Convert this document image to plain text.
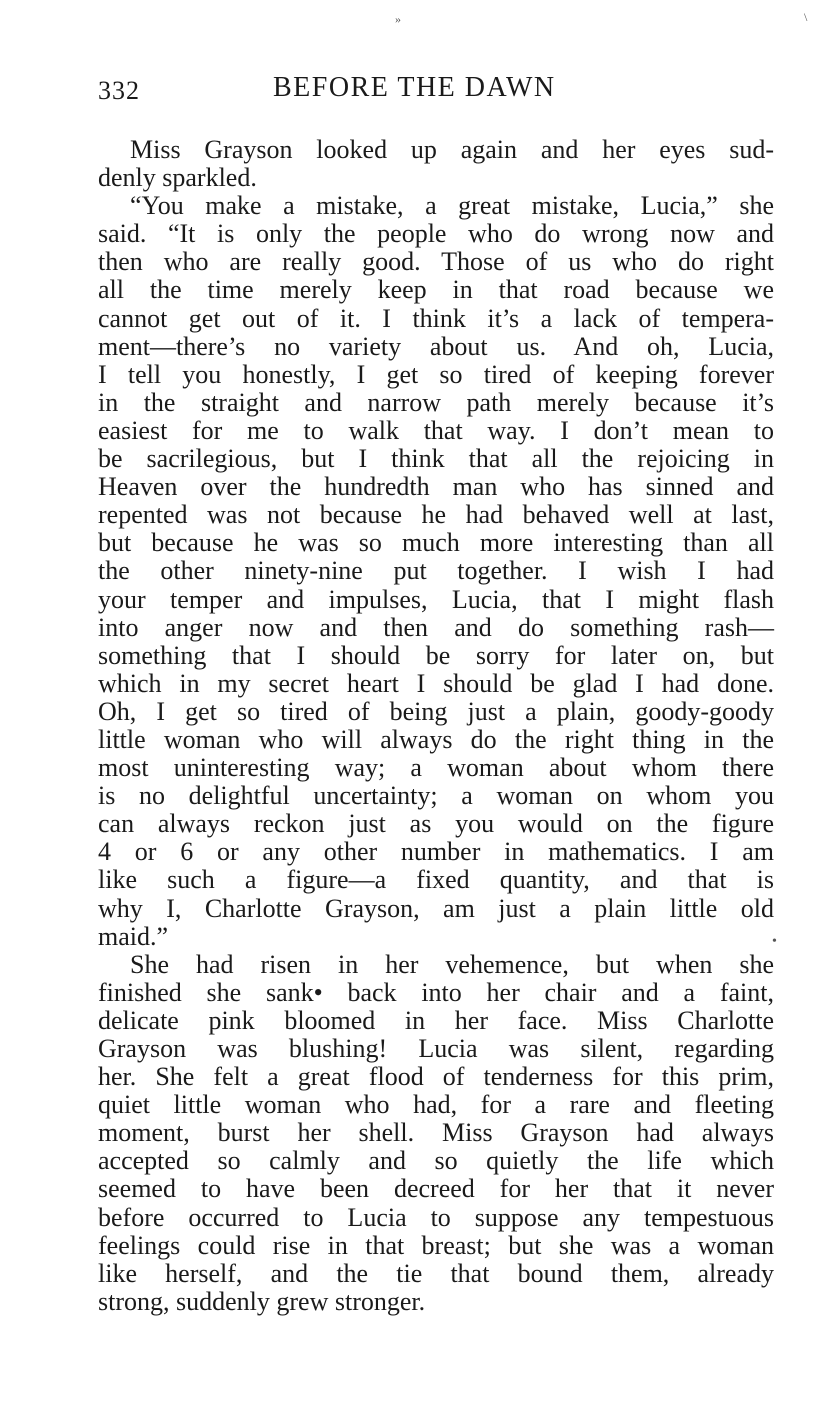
»	\
332	BEFORE THE DAWN
Miss Grayson looked up again and her eyes sud-
denly sparkled.
“You make a mistake, a great mistake, Lucia,” she
said. “It is only the people who do wrong now and
then who are really good. Those of us who do right
all the time merely keep in that road because we
cannot get out of it. I think it’s a lack of tempera-
ment—there’s no variety about us. And oh, Lucia,
I tell you honestly, I get so tired of keeping forever
in the straight and narrow path merely because it’s
easiest for me to walk that way. I don’t mean to
be sacrilegious, but I think that all the rejoicing in
Heaven over the hundredth man who has sinned and
repented was not because he had behaved well at last,
but because he was so much more interesting than all
the other ninety-nine put together. I wish I had
your temper and impulses, Lucia, that I might flash
into anger now and then and do something rash—
something that I should be sorry for later on, but
which in my secret heart I should be glad I had done.
Oh, I get so tired of being just a plain, goody-goody
little woman who will always do the right thing in the
most uninteresting way; a woman about whom there
is no delightful uncertainty; a woman on whom you
can always reckon just as you would on the figure
4 or 6 or any other number in mathematics. I am
like such a figure—a fixed quantity, and that is
why I, Charlotte Grayson, am just a plain little old
maid.”
She had risen in her vehemence, but when she
finished she sank• back into her chair and a faint,
delicate pink bloomed in her face. Miss Charlotte
Grayson was blushing! Lucia was silent, regarding
her. She felt a great flood of tenderness for this prim,
quiet little woman who had, for a rare and fleeting
moment, burst her shell. Miss Grayson had always
accepted so calmly and so quietly the life which
seemed to have been decreed for her that it never
before occurred to Lucia to suppose any tempestuous
feelings could rise in that breast; but she was a woman
like herself, and the tie that bound them, already
strong, suddenly grew stronger.
•
